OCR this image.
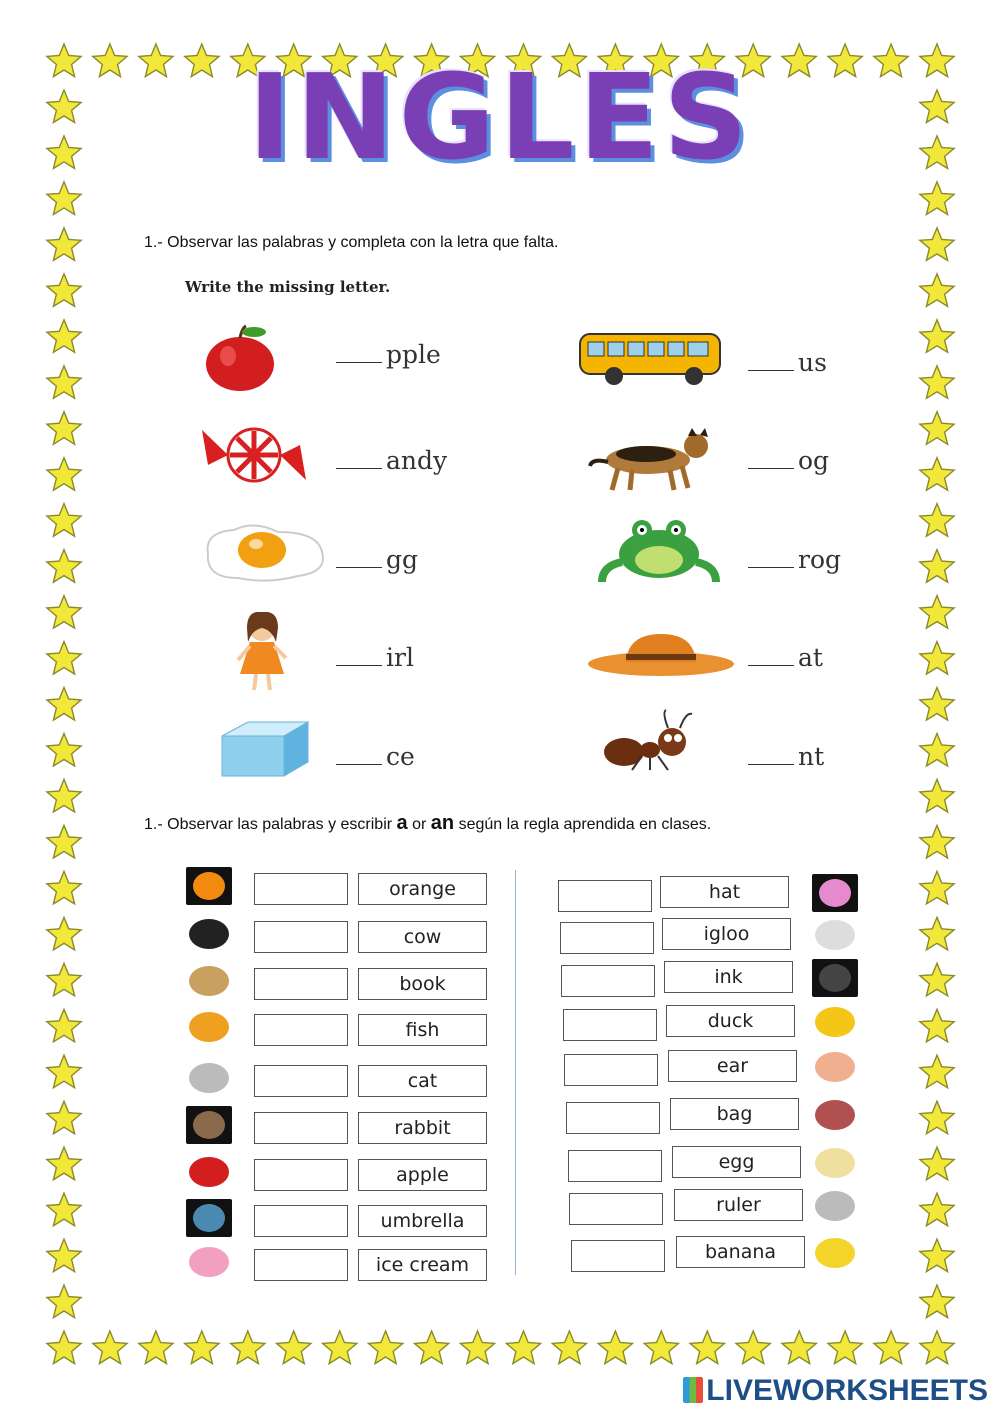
INGLES
1.- Observar las palabras y completa con la letra que falta.
Write the missing letter.
pple	us
andy	og
gg	rog
irl	at
ce	nt
1.- Observar las palabras y escribir a or an según la regla aprendida en clases.
orange
cow
book
fish
cat
rabbit
apple
umbrella
ice cream
hat
igloo
ink
duck
ear
bag
egg
ruler
banana
LIVEWORKSHEETS
